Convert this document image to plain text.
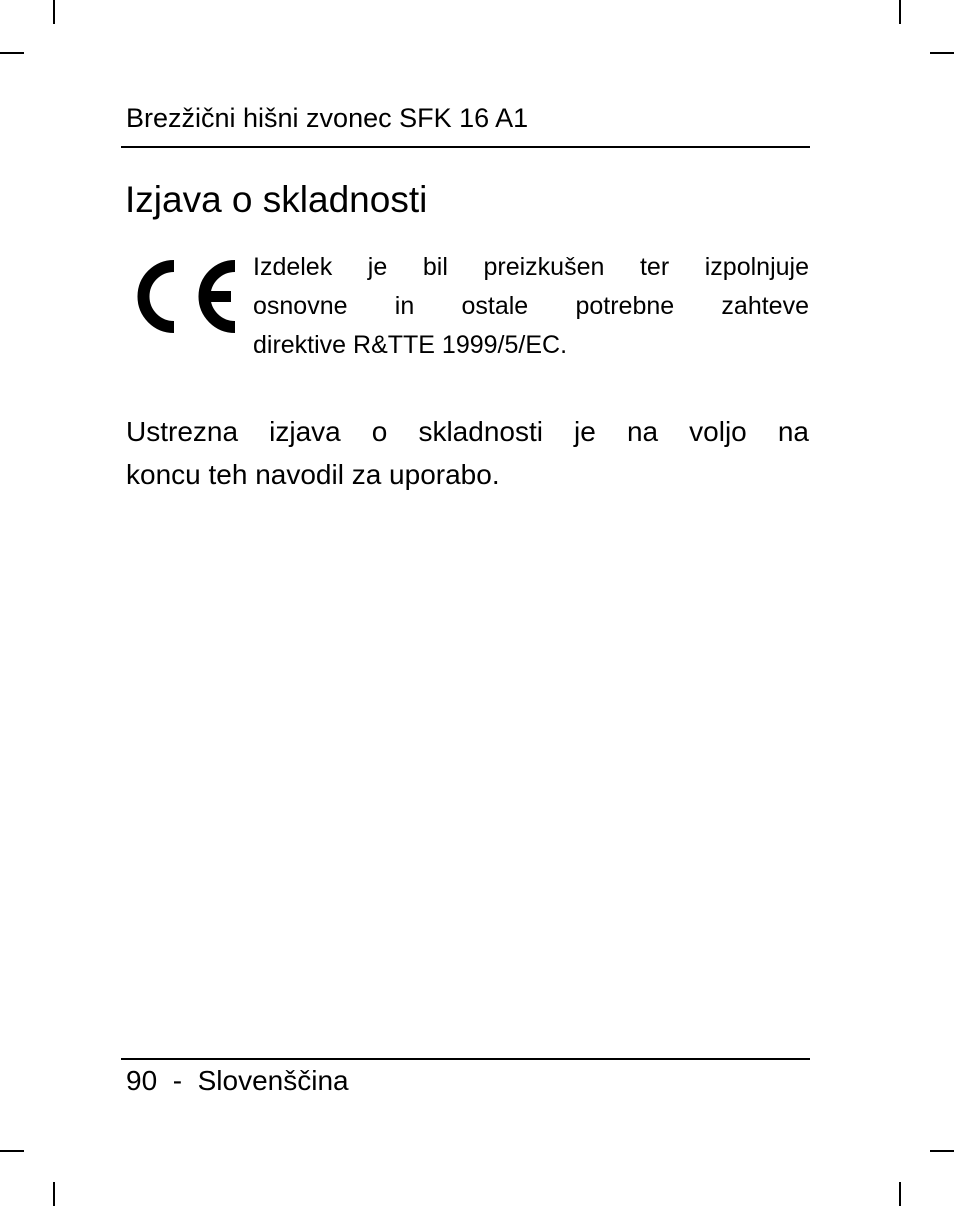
Brezžični hišni zvonec SFK 16 A1
Izjava o skladnosti
Izdelek je bil preizkušen ter izpolnjuje
osnovne in ostale potrebne zahteve
direktive R&TTE 1999/5/EC.
Ustrezna izjava o skladnosti je na voljo na
koncu teh navodil za uporabo.
90 - Slovenščina
